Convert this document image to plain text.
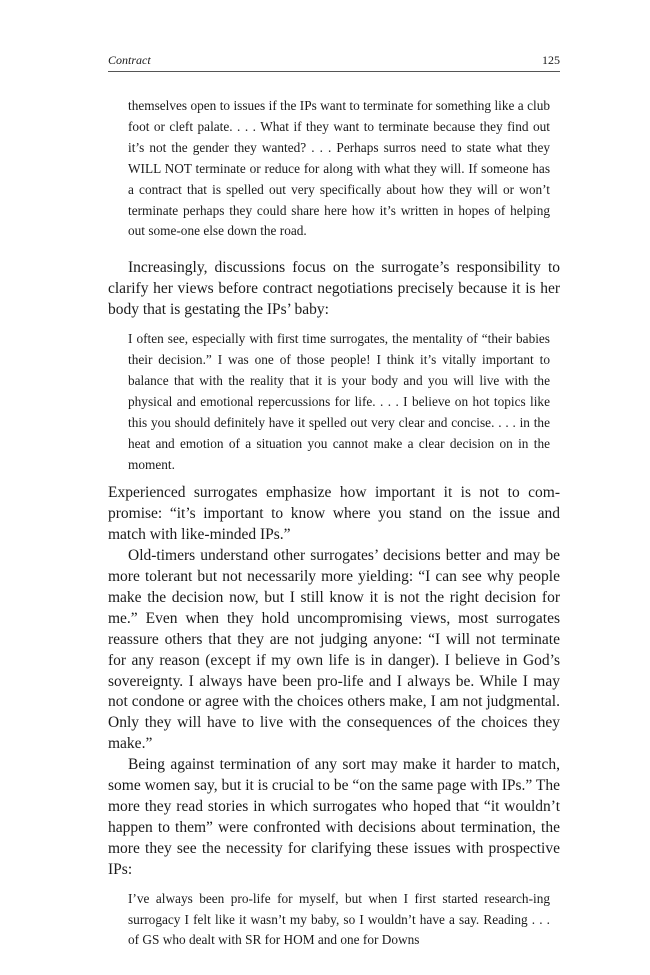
Contract	125

themselves open to issues if the IPs want to terminate for something like a club foot or cleft palate. . . . What if they want to terminate because they find out it’s not the gender they wanted? . . . Perhaps surros need to state what they WILL NOT terminate or reduce for along with what they will. If someone has a contract that is spelled out very specifically about how they will or won’t terminate perhaps they could share here how it’s written in hopes of helping out some-one else down the road.

Increasingly, discussions focus on the surrogate’s responsibility to clarify her views before contract negotiations precisely because it is her body that is gestating the IPs’ baby:

I often see, especially with first time surrogates, the mentality of “their babies their decision.” I was one of those people! I think it’s vitally important to balance that with the reality that it is your body and you will live with the physical and emotional repercussions for life. . . . I believe on hot topics like this you should definitely have it spelled out very clear and concise. . . . in the heat and emotion of a situation you cannot make a clear decision on in the moment.

Experienced surrogates emphasize how important it is not to com-promise: “it’s important to know where you stand on the issue and match with like-minded IPs.”

Old-timers understand other surrogates’ decisions better and may be more tolerant but not necessarily more yielding: “I can see why people make the decision now, but I still know it is not the right decision for me.” Even when they hold uncompromising views, most surrogates reassure others that they are not judging anyone: “I will not terminate for any reason (except if my own life is in danger). I believe in God’s sovereignty. I always have been pro-life and I always be. While I may not condone or agree with the choices others make, I am not judgmental. Only they will have to live with the consequences of the choices they make.”

Being against termination of any sort may make it harder to match, some women say, but it is crucial to be “on the same page with IPs.” The more they read stories in which surrogates who hoped that “it wouldn’t happen to them” were confronted with decisions about termination, the more they see the necessity for clarifying these issues with prospective IPs:

I’ve always been pro-life for myself, but when I first started research-ing surrogacy I felt like it wasn’t my baby, so I wouldn’t have a say. Reading . . . of GS who dealt with SR for HOM and one for Downs
